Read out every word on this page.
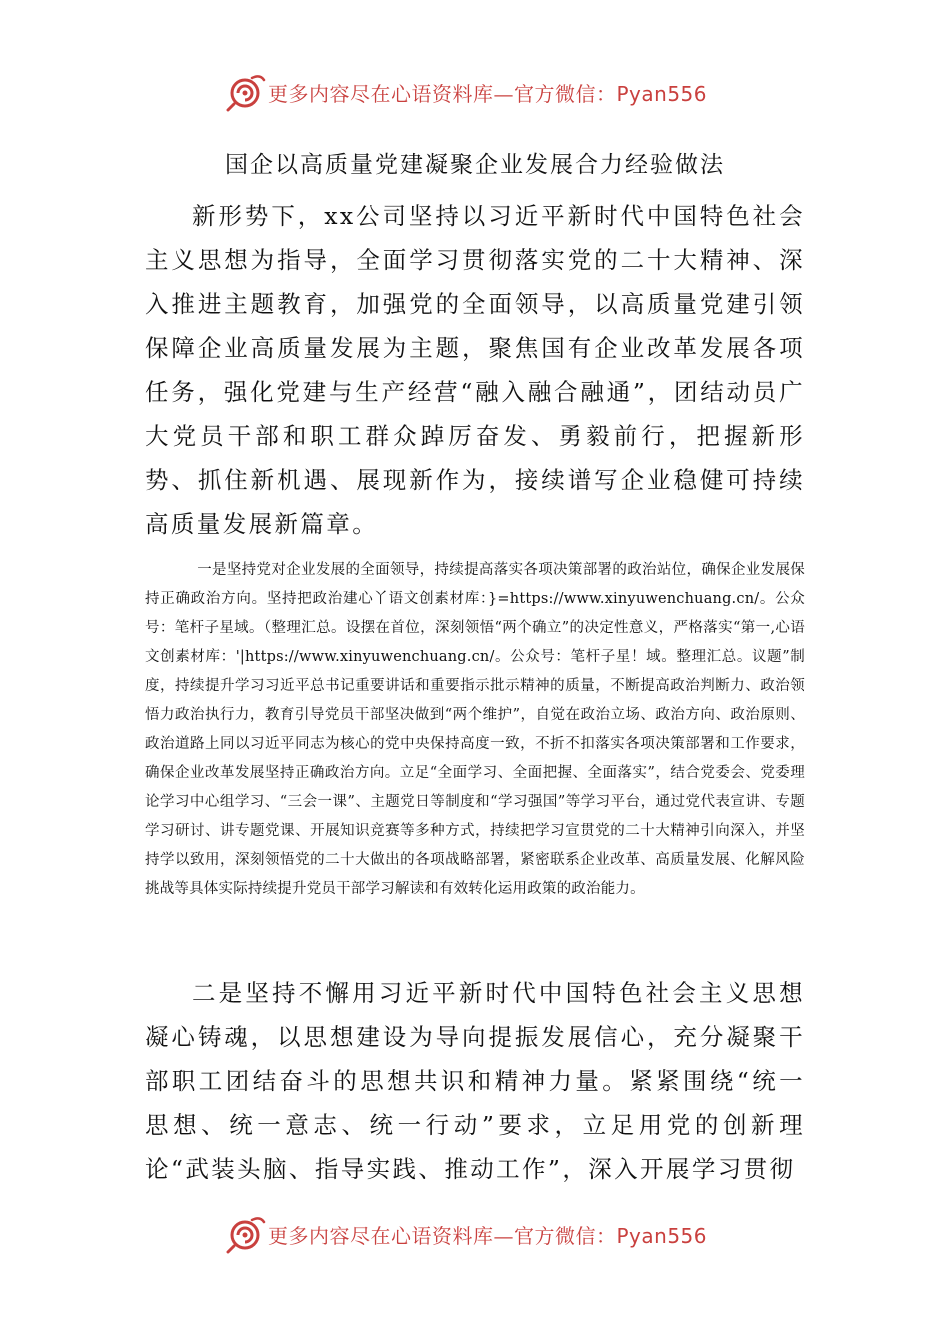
更多内容尽在心语资料库—官方微信：Pyan556
国企以高质量党建凝聚企业发展合力经验做法

新形势下，xx公司坚持以习近平新时代中国特色社会主义思想为指导，全面学习贯彻落实党的二十大精神、深入推进主题教育，加强党的全面领导，以高质量党建引领保障企业高质量发展为主题，聚焦国有企业改革发展各项任务，强化党建与生产经营“融入融合融通”，团结动员广大党员干部和职工群众踔厉奋发、勇毅前行，把握新形势、抓住新机遇、展现新作为，接续谱写企业稳健可持续高质量发展新篇章。

一是坚持党对企业发展的全面领导，持续提高落实各项决策部署的政治站位，确保企业发展保持正确政治方向。坚持把政治建心丫语文创素材库：}=https://www.xinyuwenchuang.cn/。公众号：笔杆子星域。（整理汇总。设摆在首位，深刻领悟“两个确立”的决定性意义，严格落实“第一,心语文创素材库：'|https://www.xinyuwenchuang.cn/。公众号：笔杆子星！域。整理汇总。议题”制度，持续提升学习习近平总书记重要讲话和重要指示批示精神的质量，不断提高政治判断力、政治领悟力政治执行力，教育引导党员干部坚决做到“两个维护”，自觉在政治立场、政治方向、政治原则、政治道路上同以习近平同志为核心的党中央保持高度一致，不折不扣落实各项决策部署和工作要求，确保企业改革发展坚持正确政治方向。立足“全面学习、全面把握、全面落实”，结合党委会、党委理论学习中心组学习、“三会一课”、主题党日等制度和“学习强国”等学习平台，通过党代表宣讲、专题学习研讨、讲专题党课、开展知识竞赛等多种方式，持续把学习宣贯党的二十大精神引向深入，并坚持学以致用，深刻领悟党的二十大做出的各项战略部署，紧密联系企业改革、高质量发展、化解风险挑战等具体实际持续提升党员干部学习解读和有效转化运用政策的政治能力。

二是坚持不懈用习近平新时代中国特色社会主义思想凝心铸魂，以思想建设为导向提振发展信心，充分凝聚干部职工团结奋斗的思想共识和精神力量。紧紧围绕“统一思想、统一意志、统一行动”要求，立足用党的创新理论“武装头脑、指导实践、推动工作”，深入开展学习贯彻

更多内容尽在心语资料库—官方微信：Pyan556
